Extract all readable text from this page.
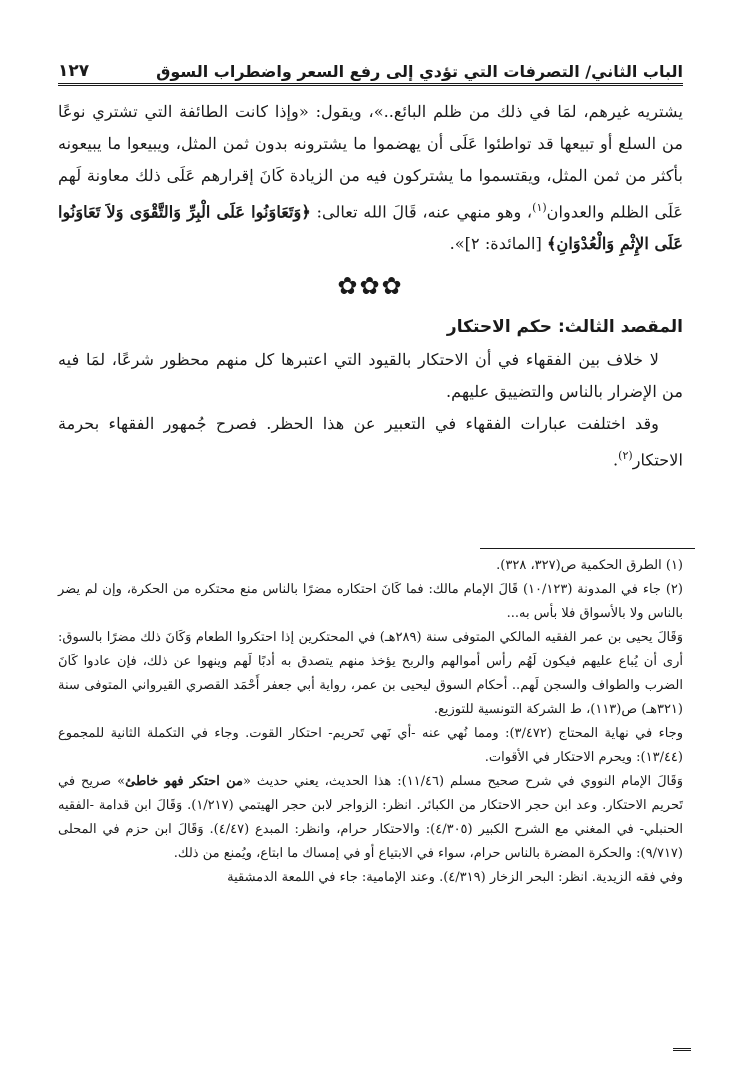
الباب الثاني/ التصرفات التي تؤدي إلى رفع السعر واضطراب السوق
١٢٧

يشتريه غيرهم، لمَا في ذلك من ظلم البائع..»، ويقول: «وإذا كانت الطائفة التي تشتري نوعًا من السلع أو تبيعها قد تواطئوا عَلَى أن يهضموا ما يشترونه بدون ثمن المثل، ويبيعوا ما يبيعونه بأكثر من ثمن المثل، ويقتسموا ما يشتركون فيه من الزيادة كَانَ إقرارهم عَلَى ذلك معاونة لَهم عَلَى الظلم والعدوان$^{(١)}$، وهو منهي عنه، قَالَ الله تعالى: ﴿وَتَعَاوَنُوا عَلَى الْبِرِّ وَالتَّقْوَى وَلاَ تَعَاوَنُوا عَلَى الإِثْمِ وَالْعُدْوَانِ﴾ [المائدة: ٢]».

✿✿✿
المقصد الثالث: حكم الاحتكار

لا خلاف بين الفقهاء في أن الاحتكار بالقيود التي اعتبرها كل منهم محظور شرعًا، لمَا فيه من الإضرار بالناس والتضييق عليهم.

وقد اختلفت عبارات الفقهاء في التعبير عن هذا الحظر. فصرح جُمهور الفقهاء بحرمة الاحتكار$^{(٢)}$.

(١) الطرق الحكمية ص(٣٢٧، ٣٢٨).

(٢) جاء في المدونة (١٠/١٢٣) قَالَ الإمام مالك: فما كَانَ احتكاره مضرًا بالناس منع محتكره من الحكرة، وإن لم يضر بالناس ولا بالأسواق فلا بأس به...

وَقَالَ يحيى بن عمر الفقيه المالكي المتوفى سنة (٢٨٩هـ) في المحتكرين إذا احتكروا الطعام وَكَانَ ذلك مضرًا بالسوق: أرى أن يُباع عليهم فيكون لَهُم رأس أموالهم والربح يؤخذ منهم يتصدق به أدبًا لَهم وينهوا عن ذلك، فإن عادوا كَانَ الضرب والطواف والسجن لَهم.. أحكام السوق ليحيى بن عمر، رواية أبي جعفر أَحْمَد القصري القيرواني المتوفى سنة (٣٢١هـ) ص(١١٣)، ط الشركة التونسية للتوزيع.

وجاء في نهاية المحتاج (٣/٤٧٢): ومما نُهي عنه -أي نَهي تَحريم- احتكار القوت. وجاء في التكملة الثانية للمجموع (١٣/٤٤): ويحرم الاحتكار في الأقوات.

وَقَالَ الإمام النووي في شرح صحيح مسلم (١١/٤٦): هذا الحديث، يعني حديث «من احتكر فهو خاطئ» صريح في تَحريم الاحتكار. وعد ابن حجر الاحتكار من الكبائر. انظر: الزواجر لابن حجر الهيتمي (١/٢١٧). وَقَالَ ابن قدامة -الفقيه الحنبلي- في المغني مع الشرح الكبير (٤/٣٠٥): والاحتكار حرام، وانظر: المبدع (٤/٤٧). وَقَالَ ابن حزم في المحلى (٩/٧١٧): والحكرة المضرة بالناس حرام، سواء في الابتياع أو في إمساك ما ابتاع، ويُمنع من ذلك.

وفي فقه الزيدية. انظر: البحر الزخار (٤/٣١٩). وعند الإمامية: جاء في اللمعة الدمشقية
